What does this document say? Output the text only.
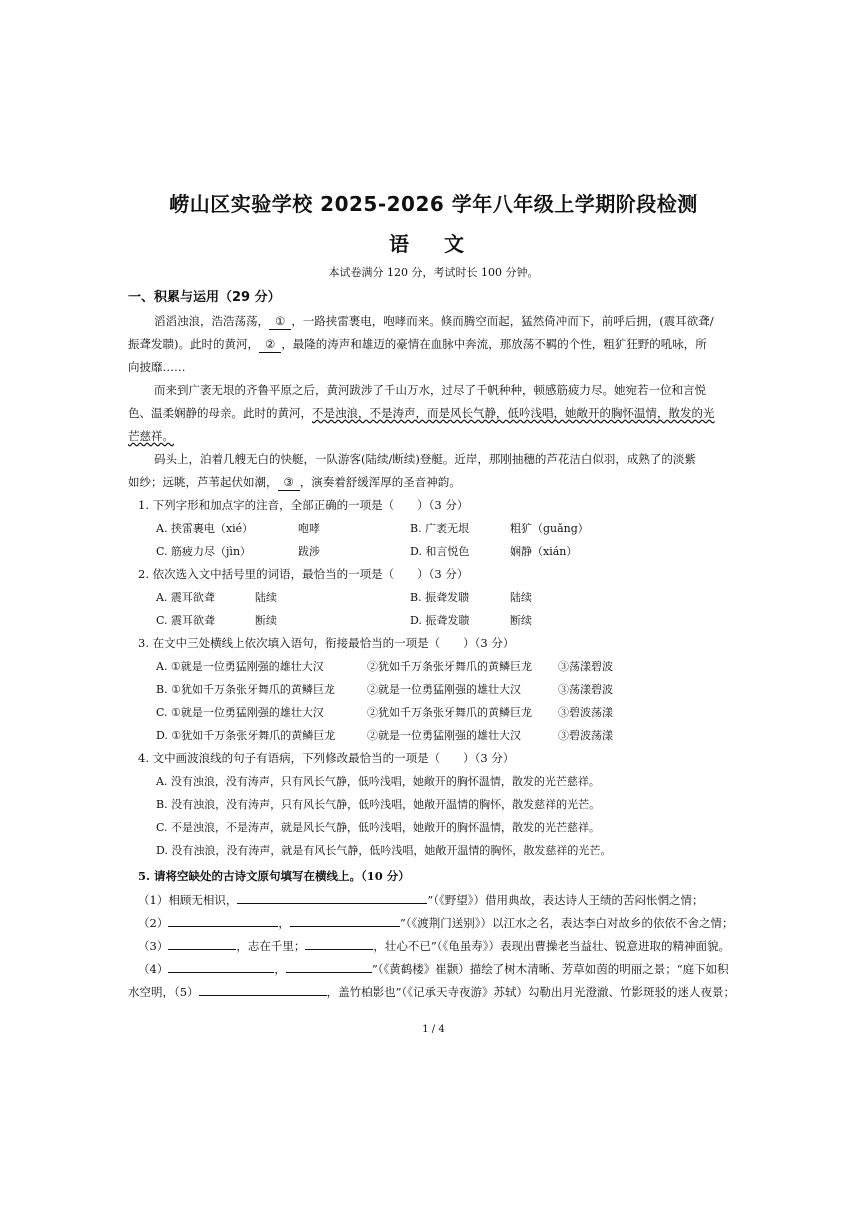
崂山区实验学校 2025-2026 学年八年级上学期阶段检测
语 文
本试卷满分 120 分，考试时长 100 分钟。
一、积累与运用（29 分）
滔滔浊浪，浩浩荡荡， ① ，一路挟雷裹电，咆哮而来。倏而腾空而起，猛然倚冲而下，前呼后拥，(震耳欲聋/
振聋发聩)。此时的黄河， ② ，最隆的涛声和雄迈的豪情在血脉中奔流，那放荡不羁的个性，粗犷狂野的吼咏，所
向披靡……
而来到广袤无垠的齐鲁平原之后，黄河跋涉了千山万水，过尽了千帆种种，顿感筋疲力尽。她宛若一位和言悦
色、温柔娴静的母亲。此时的黄河，不是浊浪，不是涛声，而是风长气静，低吟浅唱，她敞开的胸怀温情，散发的光
芒慈祥。
码头上，泊着几艘无白的快艇，一队游客(陆续/断续)登艇。近岸，那刚抽穗的芦花洁白似羽，成熟了的淡紫
如纱；远眺，芦苇起伏如潮， ③ ，演奏着舒缓浑厚的圣音神韵。
1. 下列字形和加点字的注音，全部正确的一项是（　　）（3 分）
A. 挟雷裹电（xié）	咆哮	B. 广袤无垠	粗犷（guǎng）
C. 筋疲力尽（jìn）	跋涉	D. 和言悦色	娴静（xián）
2. 依次选入文中括号里的词语，最恰当的一项是（　　）（3 分）
A. 震耳欲聋	陆续	B. 振聋发聩	陆续
C. 震耳欲聋	断续	D. 振聋发聩	断续
3. 在文中三处横线上依次填入语句，衔接最恰当的一项是（　　）（3 分）
A. ①就是一位勇猛刚强的雄壮大汉	②犹如千万条张牙舞爪的黄鳞巨龙 ③荡漾碧波
B. ①犹如千万条张牙舞爪的黄鳞巨龙	②就是一位勇猛刚强的雄壮大汉	③荡漾碧波
C. ①就是一位勇猛刚强的雄壮大汉	②犹如千万条张牙舞爪的黄鳞巨龙 ③碧波荡漾
D. ①犹如千万条张牙舞爪的黄鳞巨龙	②就是一位勇猛刚强的雄壮大汉	③碧波荡漾
4. 文中画波浪线的句子有语病，下列修改最恰当的一项是（　　）（3 分）
A. 没有浊浪，没有涛声，只有风长气静，低吟浅唱，她敞开的胸怀温情，散发的光芒慈祥。
B. 没有浊浪，没有涛声，只有风长气静，低吟浅唱，她敞开温情的胸怀，散发慈祥的光芒。
C. 不是浊浪，不是涛声，就是风长气静，低吟浅唱，她敞开的胸怀温情，散发的光芒慈祥。
D. 没有浊浪，没有涛声，就是有风长气静，低吟浅唱，她敞开温情的胸怀，散发慈祥的光芒。
5. 请将空缺处的古诗文原句填写在横线上。（10 分）
（1）相顾无相识，	”（《野望》）借用典故，表达诗人王绩的苦闷怅惘之情；
（2）	，	”（《渡荆门送别》）以江水之名，表达李白对故乡的依依不舍之情；
（3）	，志在千里；	，壮心不已”（《龟虽寿》）表现出曹操老当益壮、锐意进取的精神面貌。
（4）	，	”（《黄鹤楼》崔颢）描绘了树木清晰、芳草如茵的明丽之景；“庭下如积
水空明，（5）	，盖竹柏影也”（《记承天寺夜游》苏轼）勾勒出月光澄澈、竹影斑驳的迷人夜景；
1 / 4
